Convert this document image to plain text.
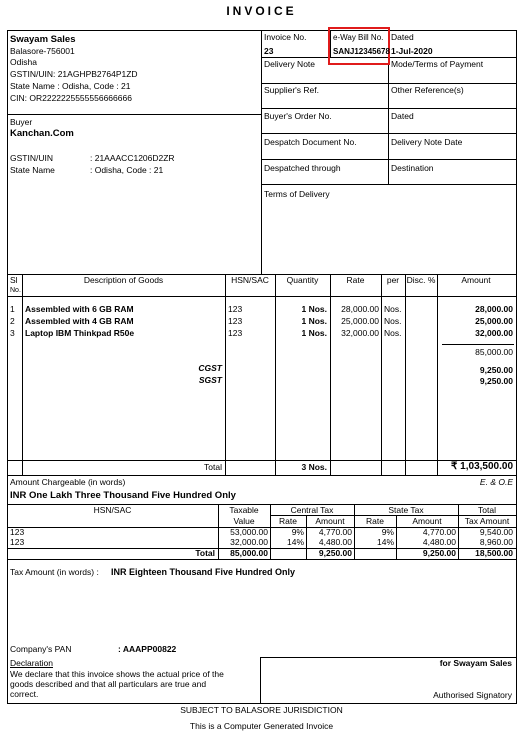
INVOICE
Swayam Sales
Balasore-756001
Odisha
GSTIN/UIN: 21AGHPB2764P1ZD
State Name : Odisha, Code : 21
CIN: OR2222225555556666666
Buyer
Kanchan.Com
GSTIN/UIN	: 21AAACC1206D2ZR
State Name	: Odisha, Code : 21
Invoice No.
23
e-Way Bill No.
SANJ12345678
Dated
1-Jul-2020
Delivery Note	Mode/Terms of Payment
Supplier's Ref.	Other Reference(s)
Buyer's Order No.	Dated
Despatch Document No.	Delivery Note Date
Despatched through	Destination
Terms of Delivery
Sl
No.
Description of Goods	HSN/SAC	Quantity	Rate	per Disc. %	Amount
1 Assembled with 6 GB RAM	123	1 Nos.	28,000.00 Nos.	28,000.00
2 Assembled with 4 GB RAM	123	1 Nos.	25,000.00 Nos.	25,000.00
3 Laptop IBM Thinkpad R50e	123	1 Nos.	32,000.00 Nos.	32,000.00
85,000.00
CGST	9,250.00
SGST	9,250.00
Total	3 Nos.	₹ 1,03,500.00
Amount Chargeable (in words)	E. & O.E
INR One Lakh Three Thousand Five Hundred Only
HSN/SAC	Taxable
Value
Central Tax	State Tax	Total
Tax Amount
Rate	Amount	Rate	Amount
123	53,000.00	9%	4,770.00	9%	4,770.00	9,540.00
123	32,000.00	14%	4,480.00	14%	4,480.00	8,960.00
Total	85,000.00	9,250.00	9,250.00	18,500.00
Tax Amount (in words) : INR Eighteen Thousand Five Hundred Only
Company's PAN	: AAAPP00822
Declaration
We declare that this invoice shows the actual price of the
goods described and that all particulars are true and
correct.
for Swayam Sales
Authorised Signatory
SUBJECT TO BALASORE JURISDICTION
This is a Computer Generated Invoice
